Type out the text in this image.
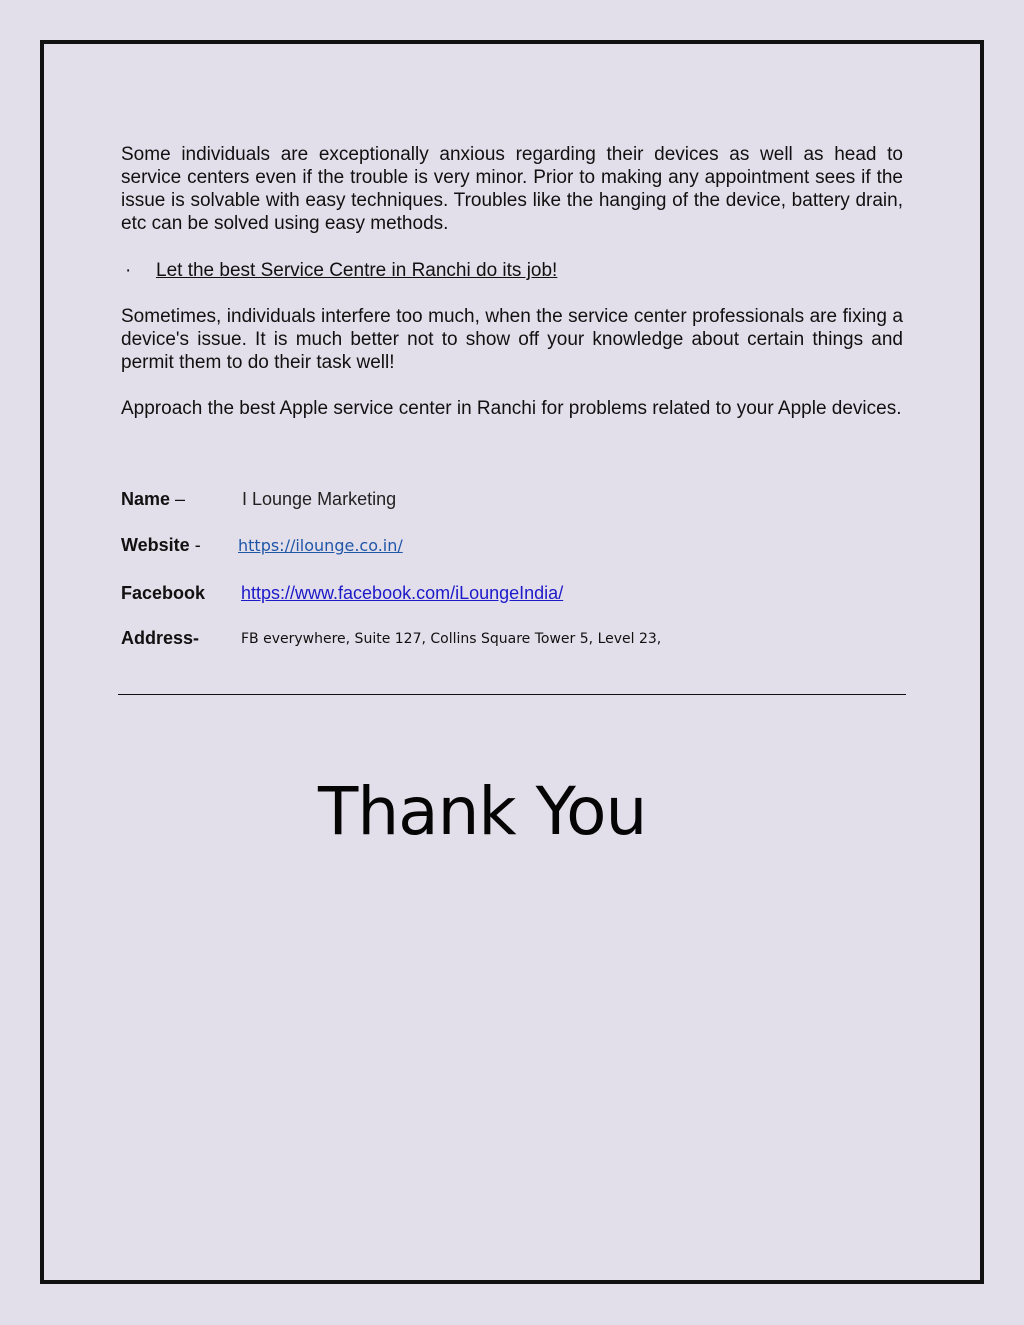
Some individuals are exceptionally anxious regarding their devices as well as head to service centers even if the trouble is very minor. Prior to making any appointment sees if the issue is solvable with easy techniques. Troubles like the hanging of the device, battery drain, etc can be solved using easy methods.

· Let the best Service Centre in Ranchi do its job!

Sometimes, individuals interfere too much, when the service center professionals are fixing a device's issue. It is much better not to show off your knowledge about certain things and permit them to do their task well!

Approach the best Apple service center in Ranchi for problems related to your Apple devices.

Name –	I Lounge Marketing
Website - https://ilounge.co.in/
Facebook https://www.facebook.com/iLoungeIndia/
Address-	FB everywhere, Suite 127, Collins Square Tower 5, Level 23,
Thank You
